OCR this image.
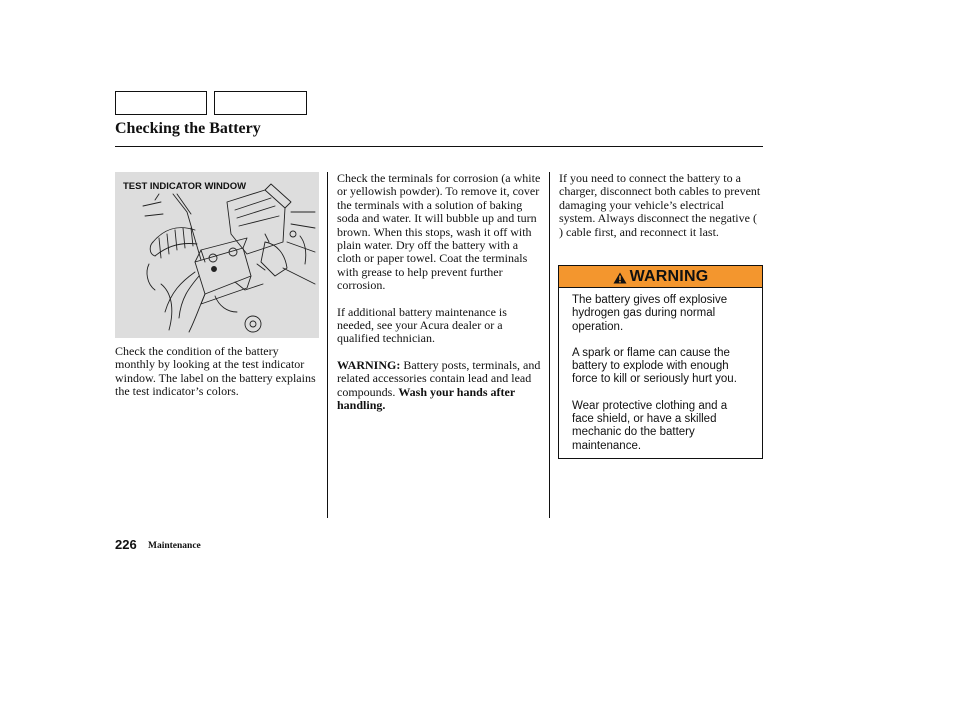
Checking the Battery
TEST INDICATOR WINDOW

Check the condition of the battery monthly by looking at the test indicator window. The label on the battery explains the test indicator’s colors.

Check the terminals for corrosion (a white or yellowish powder). To remove it, cover the terminals with a solution of baking soda and water. It will bubble up and turn brown. When this stops, wash it off with plain water. Dry off the battery with a cloth or paper towel. Coat the terminals with grease to help prevent further corrosion.

If additional battery maintenance is needed, see your Acura dealer or a qualified technician.

WARNING: Battery posts, terminals, and related accessories contain lead and lead compounds. Wash your hands after handling.

If you need to connect the battery to a charger, disconnect both cables to prevent damaging your vehicle’s electrical system. Always disconnect the negative (   ) cable first, and reconnect it last.

WARNING

The battery gives off explosive hydrogen gas during normal operation.

A spark or flame can cause the battery to explode with enough force to kill or seriously hurt you.

Wear protective clothing and a face shield, or have a skilled mechanic do the battery maintenance.

226 Maintenance
